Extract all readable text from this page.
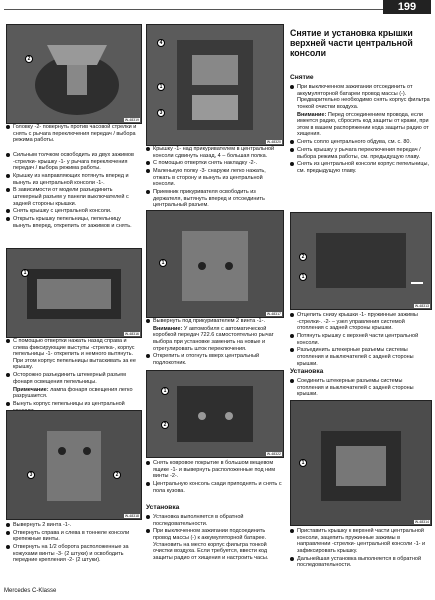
199
2
W-48319
Головку -2- повернуть против часовой стрелки и снять с рычага переключения передач / выбора режима работы.
Сильным толчком освободить из двух зажимов -стрелки- крышку -1- у рычага переключения передач / выбора режима работы.
Крышку из направляющих потянуть вперед и вынуть из центральной консоли -1-.
В зависимости от модели разъединить штекерный разъем у панели выключателей с задней стороны крышки.
Снять крышку с центральной консоли.
Открыть крышку пепельницы, пепельницу вынуть вперед, открепить от зажимов и снять.
1
W-48316
С помощью отвертки нажать назад справа и слева фиксирующие выступы -стрелка-, корпус пепельницы -1- открепить и немного вытянуть. При этом корпус пепельницы вытаскивать за ее крышку.
Осторожно разъединить штекерный разъем фонаря освещения пепельницы.
Примечание: лампа фонаря освещения легко разрушается.
Вынуть корпус пепельницы из центральной
3	2
W-48318
Вывернуть 2 винта -1-.
Отвернуть справа и слева в тоннеле консоли крепежные винты.
Отвернуть на 1/2 оборота расположенные за кожухами винты -3- (2 штуки) и освободить передние крепления -2- (2 штуки).
4
1
3
W-48320
Крышку -1- над прикуривателем в центральной консоли сдвинуть назад, 4 – большая полка.
С помощью отвертки снять накладку -2-.
Маленькую полку -3- снаружи легко нажать, отжать в сторону и вынуть из центральной консоли.
Приемник прикуривателя освободить из держателя, вытянуть вперед и отсоединить центральный разъем.
1
W-48317
Вывернуть под прикуривателем 2 винта -1-.
Внимание: У автомобиля с автоматической коробкой передач 722.6 самостоятельно рычаг выбора при установке заменить на новые и отрегулировать шток переключения.
Открепить и отогнуть вверх центральный подлокотник.
1
2
W-48322
Снять ковровое покрытие в большом вещевом ящике -1- и вывернуть расположенные под ним винты -2-.
Центральную консоль сзади приподнять и снять с пола кузова.
Установка
Установка выполняется в обратной последовательности.
При выключенном зажигании подсоединить провод массы (-) к аккумуляторной батарее. Установить на место корпус фильтра тонкой очистки воздуха. Если требуется, ввести код защиты радио от хищения и настроить часы.
Снятие и установка крышки верхней части центральной консоли
Снятие
При выключенном зажигании отсоединить от аккумуляторной батареи провод массы (-). Предварительно необходимо снять корпус фильтра тонкой очистки воздуха.
Внимание: Перед отсоединением провода, если имеется радио, сбросить код защиты от кражи, при этом в вашем распоряжении кода защиты радио от хищения.
Снять сопло центрального обдува, см. с. 80.
Снять крышку у рычага переключения передач / выбора режима работы, см. предыдущую главу.
Снять из центральной консоли корпус пепельницы, см. предыдущую главу.
2
1
W-48313
Отцепить снизу крышки -1- пружинные зажимы -стрелки-. -2- – узел управления системой отопления с задней стороны крышки.
Потянуть крышку с верхней части центральной консоли.
Разъединить штекерные разъемы системы отопления и выключателей с задней стороны крышки.
Установка
Соединить штекерные разъемы системы отопления и выключателей с задней стороны крышки.
1
W-48314
Приставить крышку к верхней части центральной консоли, зацепить пружинные зажимы в направлении -стрелки- центральной консоли -1- и зафиксировать крышку.
Дальнейшая установка выполняется в обратной последовательности.
Mercedes C-Klasse
